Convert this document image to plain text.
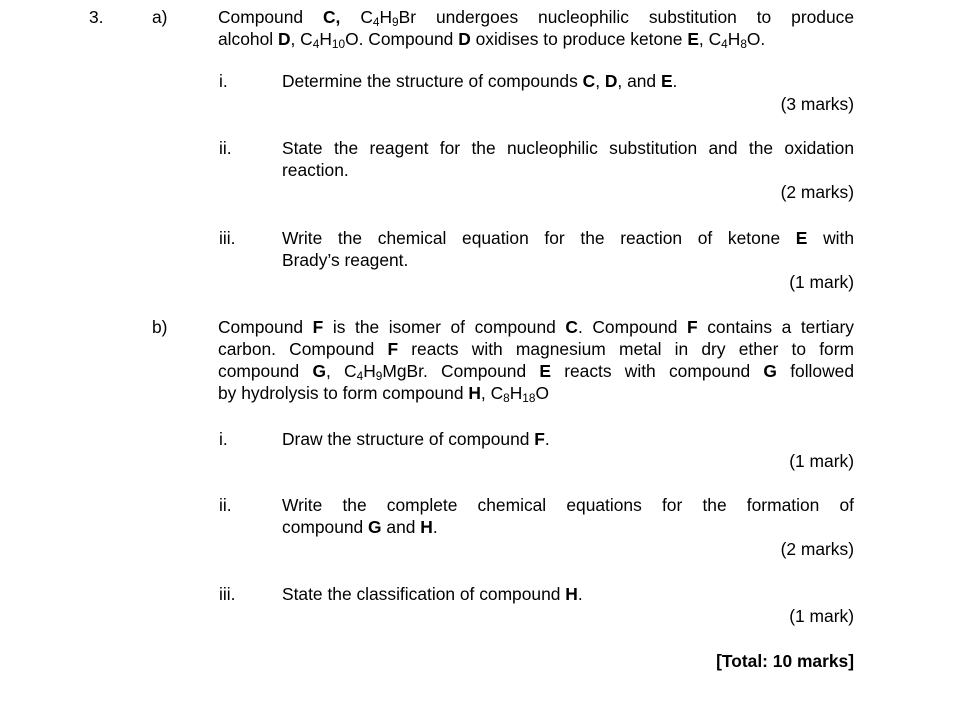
3.	a)	Compound C, $C_4H_9Br$ undergoes nucleophilic substitution to produce
alcohol D, $C_4H_{10}O$. Compound D oxidises to produce ketone E, $C_4H_8O$.
i.	Determine the structure of compounds C, D, and E.
(3 marks)
ii.	State the reagent for the nucleophilic substitution and the oxidation
reaction.
(2 marks)
iii.	Write the chemical equation for the reaction of ketone E with
Brady’s reagent.
(1 mark)
b)	Compound F is the isomer of compound C. Compound F contains a tertiary
carbon. Compound F reacts with magnesium metal in dry ether to form
compound G, $C_4H_9MgBr$. Compound E reacts with compound G followed
by hydrolysis to form compound H, $C_8H_{18}O$
i.	Draw the structure of compound F.
(1 mark)
ii.	Write the complete chemical equations for the formation of
compound G and H.
(2 marks)
iii.	State the classification of compound H.
(1 mark)
[Total: 10 marks]
